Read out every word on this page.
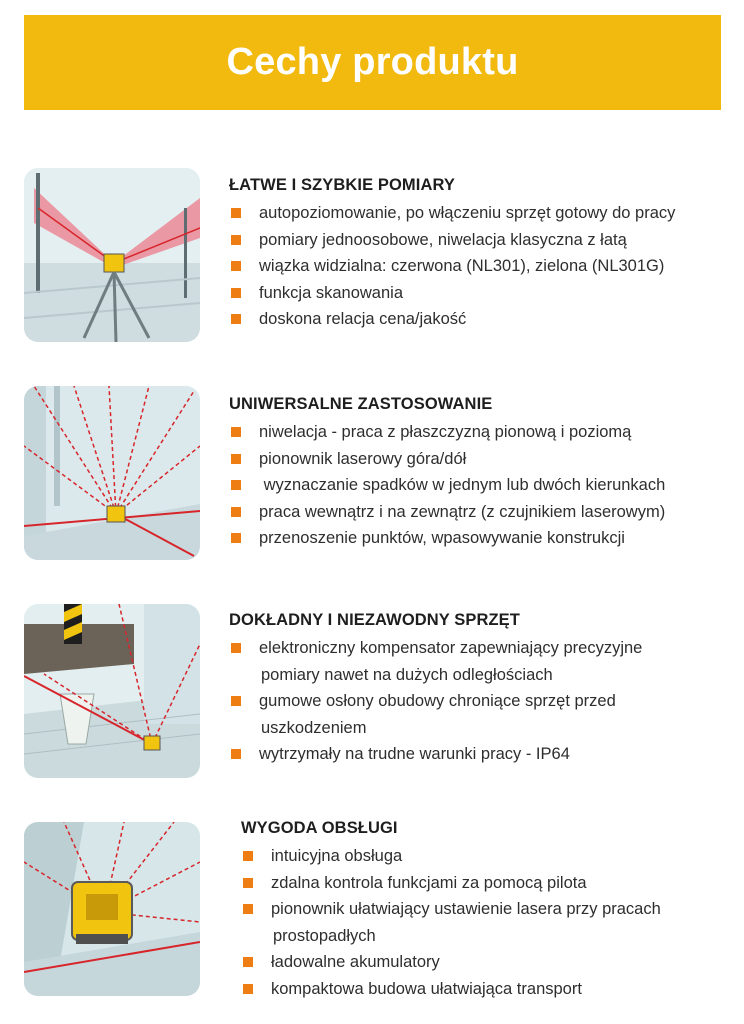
Cechy produktu
ŁATWE I SZYBKIE POMIARY
autopoziomowanie, po włączeniu sprzęt gotowy do pracy
pomiary jednoosobowe, niwelacja klasyczna z łatą
wiązka widzialna: czerwona (NL301), zielona (NL301G)
funkcja skanowania
doskona relacja cena/jakość
UNIWERSALNE ZASTOSOWANIE
niwelacja - praca z płaszczyzną pionową i poziomą
pionownik laserowy góra/dół
wyznaczanie spadków w jednym lub dwóch kierunkach
praca wewnątrz i na zewnątrz (z czujnikiem laserowym)
przenoszenie punktów, wpasowywanie konstrukcji
DOKŁADNY I NIEZAWODNY SPRZĘT
elektroniczny kompensator zapewniający precyzyjne
pomiary nawet na dużych odległościach
gumowe osłony obudowy chroniące sprzęt przed
uszkodzeniem
wytrzymały na trudne warunki pracy - IP64
WYGODA OBSŁUGI
intuicyjna obsługa
zdalna kontrola funkcjami za pomocą pilota
pionownik ułatwiający ustawienie lasera przy pracach
prostopadłych
ładowalne akumulatory
kompaktowa budowa ułatwiająca transport
